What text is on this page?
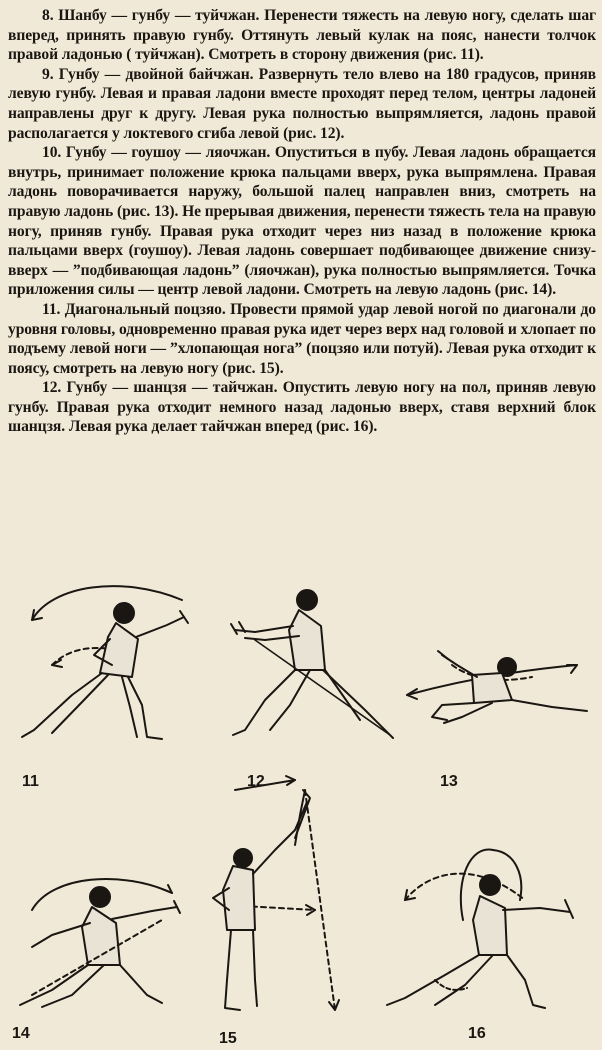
8. Шанбу — гунбу — туйчжан. Перенести тяжесть на левую ногу, сделать шаг вперед, принять правую гунбу. Оттянуть левый кулак на пояс, нанести толчок правой ладонью ( туйчжан). Смотреть в сторону движения (рис. 11).

9. Гунбу — двойной байчжан. Развернуть тело влево на 180 градусов, приняв левую гунбу. Левая и правая ладони вместе проходят перед телом, центры ладоней направлены друг к другу. Левая рука полностью выпрямляется, ладонь правой располагается у локтевого сгиба левой (рис. 12).

10. Гунбу — гоушоу — ляочжан. Опуститься в пубу. Левая ладонь обращается внутрь, принимает положение крюка пальцами вверх, рука выпрямлена. Правая ладонь поворачивается наружу, большой палец направлен вниз, смотреть на правую ладонь (рис. 13). Не прерывая движения, перенести тяжесть тела на правую ногу, приняв гунбу. Правая рука отходит через низ назад в положение крюка пальцами вверх (гоушоу). Левая ладонь совершает подбивающее движение снизу-вверх — ”подбивающая ладонь” (ляочжан), рука полностью выпрямляется. Точка приложения силы — центр левой ладони. Смотреть на левую ладонь (рис. 14).

11. Диагональный поцзяо. Провести прямой удар левой ногой по диагонали до уровня головы, одновременно правая рука идет через верх над головой и хлопает по подъему левой ноги — ”хлопающая нога” (поцзяо или потуй). Левая рука отходит к поясу, смотреть на левую ногу (рис. 15).

12. Гунбу — шанцзя — тайчжан. Опустить левую ногу на пол, приняв левую гунбу. Правая рука отходит немного назад ладонью вверх, ставя верхний блок шанцзя. Левая рука делает тайчжан вперед (рис. 16).

11	12	13
14	15	16
